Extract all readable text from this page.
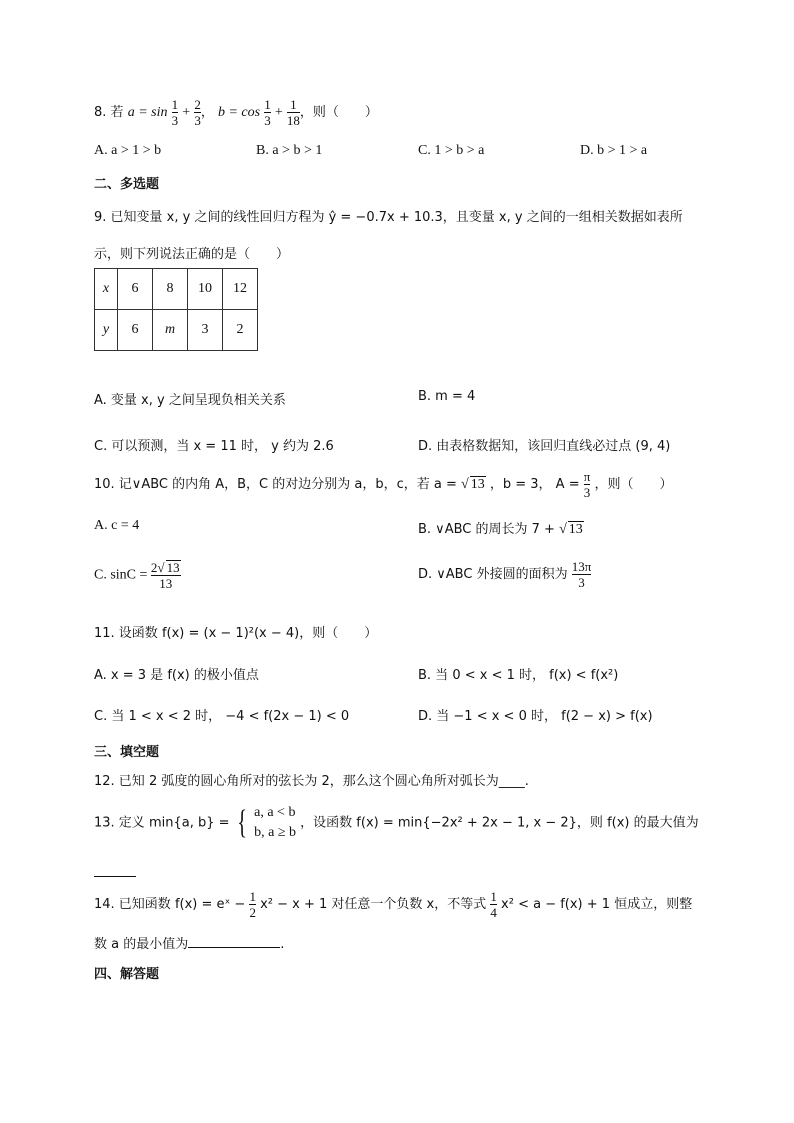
8. 若 $a = \sin \frac{1}{3} + \frac{2}{3}$ ， $b = \cos \frac{1}{3} + \frac{1}{18}$ ，则（　　）
A. a > 1 > b	B. a > b > 1	C. 1 > b > a	D. b > 1 > a
二、多选题
9. 已知变量 x, y 之间的线性回归方程为 ŷ = −0.7x + 10.3，且变量 x, y 之间的一组相关数据如表所
示，则下列说法正确的是（　　）
x	6	8	10	12
y	6	m	3	2
A. 变量 x, y 之间呈现负相关关系	B. m = 4
C. 可以预测，当 x = 11 时， y 约为 2.6	D. 由表格数据知，该回归直线必过点 (9, 4)
10. 记∨ABC 的内角 A，B，C 的对边分别为 a，b，c，若 a = √ 13 ，b = 3， $A = \frac{\pi}{3}$ ，则（　　）
A. c = 4	B. ∨ABC 的周长为 7 + √ 13
C. $\sin C = \frac{2√ 13}{13}$	D. ∨ABC 外接圆的面积为 $\frac{13\pi}{3}$
11. 设函数 f(x) = (x − 1)²(x − 4)，则（　　）
A. x = 3 是 f(x) 的极小值点	B. 当 0 < x < 1 时， f(x) < f(x²)
C. 当 1 < x < 2 时， −4 < f(2x − 1) < 0	D. 当 −1 < x < 0 时， f(2 − x) > f(x)
三、填空题
12. 已知 2 弧度的圆心角所对的弦长为 2，那么这个圆心角所对弧长为____.
13. 定义 min{a, b} = { a, a < b
b, a ≥ b
，设函数 f(x) = min{−2x² + 2x − 1, x − 2}，则 f(x) 的最大值为
14. 已知函数 f(x) = eˣ − $\frac{1}{2} x^2 - x + 1$ 对任意一个负数 x，不等式 $\frac{1}{4} x^2 < a - f(x) + 1$ 恒成立，则整
数 a 的最小值为	.
四、解答题
